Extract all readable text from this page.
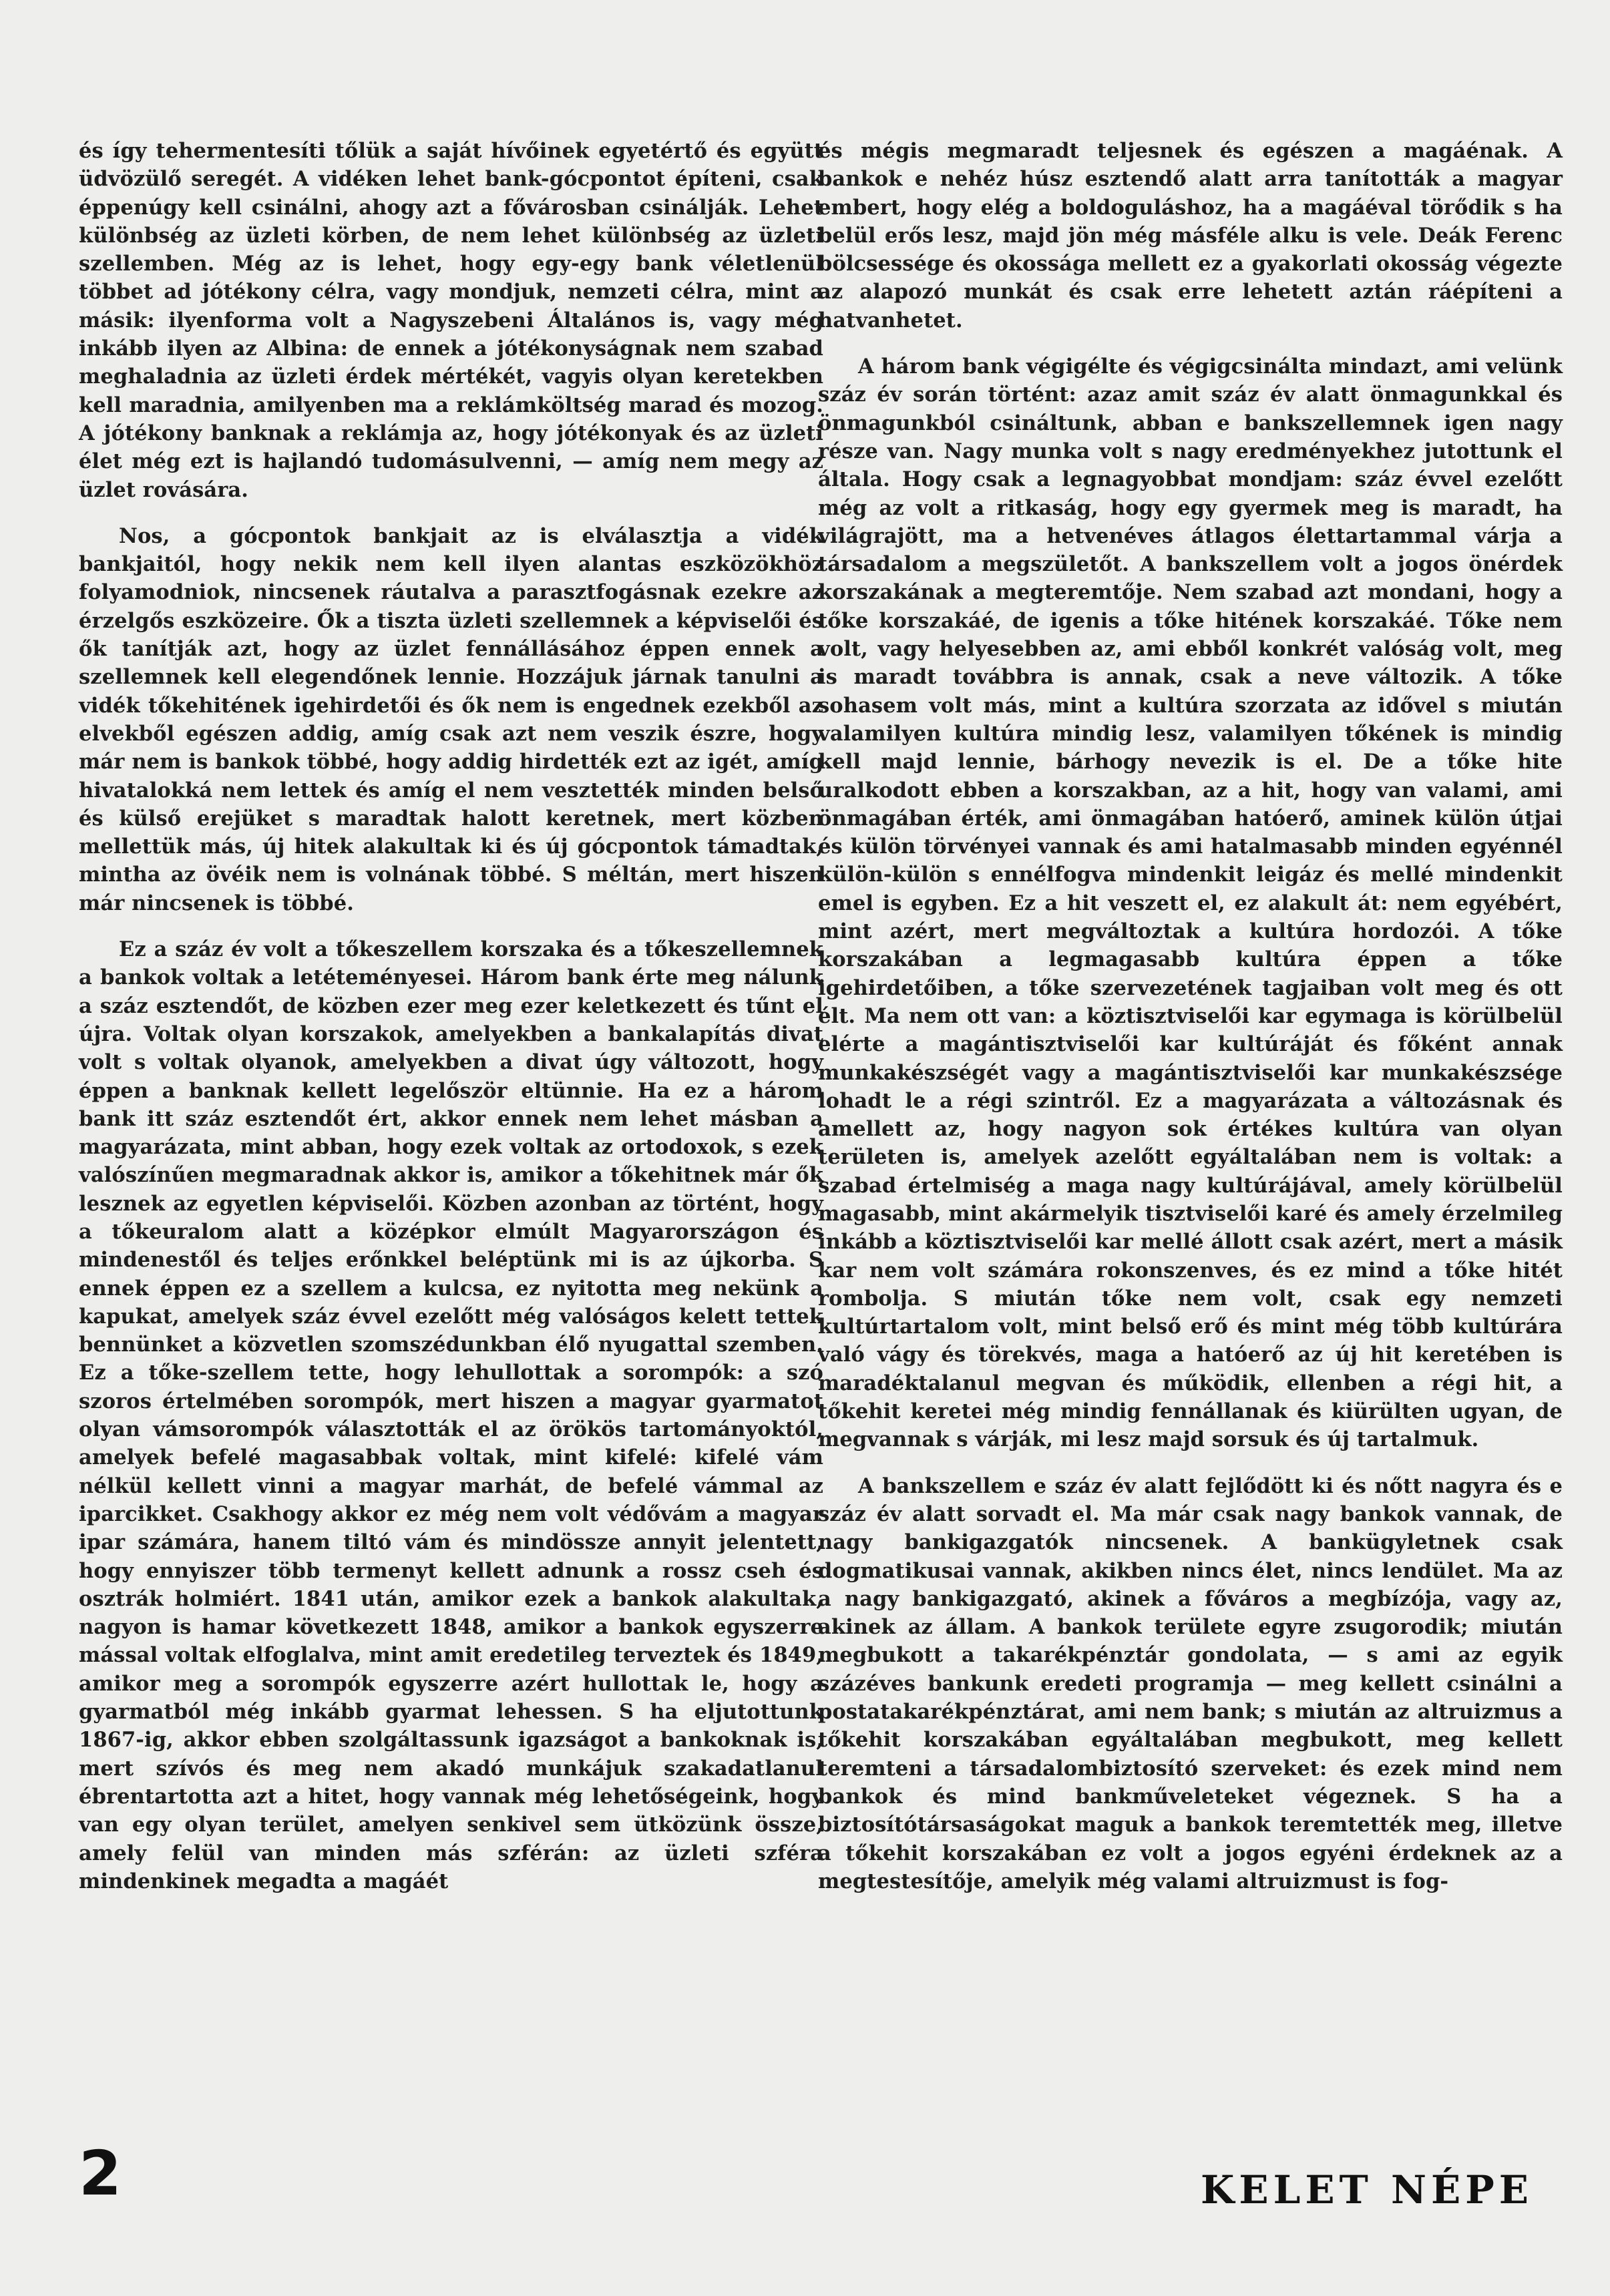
és így tehermentesíti tőlük a saját hívőinek egyetértő és együtt üdvözülő seregét. A vidéken lehet bank-gócpontot építeni, csak éppenúgy kell csinálni, ahogy azt a fővárosban csinálják. Lehet különbség az üzleti körben, de nem lehet különbség az üzleti szellemben. Még az is lehet, hogy egy-egy bank véletlenül többet ad jótékony célra, vagy mondjuk, nemzeti célra, mint a másik: ilyenforma volt a Nagyszebeni Általános is, vagy még inkább ilyen az Albina: de ennek a jótékonyságnak nem szabad meghaladnia az üzleti érdek mértékét, vagyis olyan keretekben kell maradnia, amilyenben ma a reklámköltség marad és mozog. A jótékony banknak a reklámja az, hogy jótékonyak és az üzleti élet még ezt is hajlandó tudomásulvenni, — amíg nem megy az üzlet rovására.

Nos, a gócpontok bankjait az is elválasztja a vidék bankjaitól, hogy nekik nem kell ilyen alantas eszközökhöz folyamodniok, nincsenek ráutalva a parasztfogásnak ezekre az érzelgős eszközeire. Ők a tiszta üzleti szellemnek a képviselői és ők tanítják azt, hogy az üzlet fennállásához éppen ennek a szellemnek kell elegendőnek lennie. Hozzájuk járnak tanulni a vidék tőkehitének igehirdetői és ők nem is engednek ezekből az elvekből egészen addig, amíg csak azt nem veszik észre, hogy már nem is bankok többé, hogy addig hirdették ezt az igét, amíg hivatalokká nem lettek és amíg el nem vesztették minden belső és külső erejüket s maradtak halott keretnek, mert közben mellettük más, új hitek alakultak ki és új gócpontok támadtak, mintha az övéik nem is volnának többé. S méltán, mert hiszen már nincsenek is többé.

Ez a száz év volt a tőkeszellem korszaka és a tőkeszellemnek a bankok voltak a letéteményesei. Három bank érte meg nálunk a száz esztendőt, de közben ezer meg ezer keletkezett és tűnt el újra. Voltak olyan korszakok, amelyekben a bankalapítás divat volt s voltak olyanok, amelyekben a divat úgy változott, hogy éppen a banknak kellett legelőször eltünnie. Ha ez a három bank itt száz esztendőt ért, akkor ennek nem lehet másban a magyarázata, mint abban, hogy ezek voltak az ortodoxok, s ezek valószínűen megmaradnak akkor is, amikor a tőkehitnek már ők lesznek az egyetlen képviselői. Közben azonban az történt, hogy a tőkeuralom alatt a középkor elmúlt Magyarországon és mindenestől és teljes erőnkkel beléptünk mi is az újkorba. S ennek éppen ez a szellem a kulcsa, ez nyitotta meg nekünk a kapukat, amelyek száz évvel ezelőtt még valóságos kelett tettek bennünket a közvetlen szomszédunkban élő nyugattal szemben. Ez a tőke-szellem tette, hogy lehullottak a sorompók: a szó szoros értelmében sorompók, mert hiszen a magyar gyarmatot olyan vámsorompók választották el az örökös tartományoktól, amelyek befelé magasabbak voltak, mint kifelé: kifelé vám nélkül kellett vinni a magyar marhát, de befelé vámmal az iparcikket. Csakhogy akkor ez még nem volt védővám a magyar ipar számára, hanem tiltó vám és mindössze annyit jelentett, hogy ennyiszer több termenyt kellett adnunk a rossz cseh és osztrák holmiért. 1841 után, amikor ezek a bankok alakultak, nagyon is hamar következett 1848, amikor a bankok egyszerre mással voltak elfoglalva, mint amit eredetileg terveztek és 1849, amikor meg a sorompók egyszerre azért hullottak le, hogy a gyarmatból még inkább gyarmat lehessen. S ha eljutottunk 1867-ig, akkor ebben szolgáltassunk igazságot a bankoknak is, mert szívós és meg nem akadó munkájuk szakadatlanul ébrentartotta azt a hitet, hogy vannak még lehetőségeink, hogy van egy olyan terület, amelyen senkivel sem ütközünk össze, amely felül van minden más szférán: az üzleti szféra mindenkinek megadta a magáét

és mégis megmaradt teljesnek és egészen a magáénak. A bankok e nehéz húsz esztendő alatt arra tanították a magyar embert, hogy elég a boldoguláshoz, ha a magáéval törődik s ha belül erős lesz, majd jön még másféle alku is vele. Deák Ferenc bölcsessége és okossága mellett ez a gyakorlati okosság végezte az alapozó munkát és csak erre lehetett aztán ráépíteni a hatvanhetet.

A három bank végigélte és végigcsinálta mindazt, ami velünk száz év során történt: azaz amit száz év alatt önmagunkkal és önmagunkból csináltunk, abban e bankszellemnek igen nagy része van. Nagy munka volt s nagy eredményekhez jutottunk el általa. Hogy csak a legnagyobbat mondjam: száz évvel ezelőtt még az volt a ritkaság, hogy egy gyermek meg is maradt, ha világrajött, ma a hetvenéves átlagos élettartammal várja a társadalom a megszületőt. A bankszellem volt a jogos önérdek korszakának a megteremtője. Nem szabad azt mondani, hogy a tőke korszakáé, de igenis a tőke hitének korszakáé. Tőke nem volt, vagy helyesebben az, ami ebből konkrét valóság volt, meg is maradt továbbra is annak, csak a neve változik. A tőke sohasem volt más, mint a kultúra szorzata az idővel s miután valamilyen kultúra mindig lesz, valamilyen tőkének is mindig kell majd lennie, bárhogy nevezik is el. De a tőke hite uralkodott ebben a korszakban, az a hit, hogy van valami, ami önmagában érték, ami önmagában hatóerő, aminek külön útjai és külön törvényei vannak és ami hatalmasabb minden egyénnél külön-külön s ennélfogva mindenkit leigáz és mellé mindenkit emel is egyben. Ez a hit veszett el, ez alakult át: nem egyébért, mint azért, mert megváltoztak a kultúra hordozói. A tőke korszakában a legmagasabb kultúra éppen a tőke igehirdetőiben, a tőke szervezetének tagjaiban volt meg és ott élt. Ma nem ott van: a köztisztviselői kar egymaga is körülbelül elérte a magántisztviselői kar kultúráját és főként annak munkakészségét vagy a magántisztviselői kar munkakészsége lohadt le a régi szintről. Ez a magyarázata a változásnak és amellett az, hogy nagyon sok értékes kultúra van olyan területen is, amelyek azelőtt egyáltalában nem is voltak: a szabad értelmiség a maga nagy kultúrájával, amely körülbelül magasabb, mint akármelyik tisztviselői karé és amely érzelmileg inkább a köztisztviselői kar mellé állott csak azért, mert a másik kar nem volt számára rokonszenves, és ez mind a tőke hitét rombolja. S miután tőke nem volt, csak egy nemzeti kultúrtartalom volt, mint belső erő és mint még több kultúrára való vágy és törekvés, maga a hatóerő az új hit keretében is maradéktalanul megvan és működik, ellenben a régi hit, a tőkehit keretei még mindig fennállanak és kiürülten ugyan, de megvannak s várják, mi lesz majd sorsuk és új tartalmuk.

A bankszellem e száz év alatt fejlődött ki és nőtt nagyra és e száz év alatt sorvadt el. Ma már csak nagy bankok vannak, de nagy bankigazgatók nincsenek. A bankügyletnek csak dogmatikusai vannak, akikben nincs élet, nincs lendület. Ma az a nagy bankigazgató, akinek a főváros a megbízója, vagy az, akinek az állam. A bankok területe egyre zsugorodik; miután megbukott a takarékpénztár gondolata, — s ami az egyik százéves bankunk eredeti programja — meg kellett csinálni a postatakarékpénztárat, ami nem bank; s miután az altruizmus a tőkehit korszakában egyáltalában megbukott, meg kellett teremteni a társadalombiztosító szerveket: és ezek mind nem bankok és mind bankműveleteket végeznek. S ha a biztosítótársaságokat maguk a bankok teremtették meg, illetve a tőkehit korszakában ez volt a jogos egyéni érdeknek az a megtestesítője, amelyik még valami altruizmust is fog-

2	KELET NÉPE
